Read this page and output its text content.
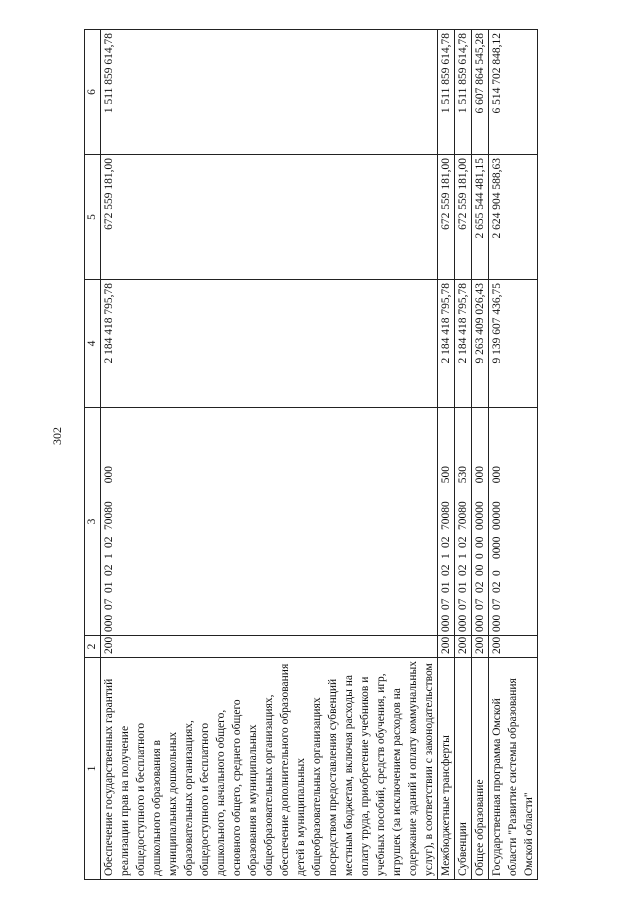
302
1	2	3	4	5	6
Обеспечение государственных гарантий реализации прав на получение общедоступного и бесплатного дошкольного образования в муниципальных дошкольных образовательных организациях, общедоступного и бесплатного дошкольного, начального общего, основного общего, среднего общего образования в муниципальных общеобразовательных организациях, обеспечение дополнительного образования детей в муниципальных общеобразовательных организациях посредством предоставления субвенций местным бюджетам, включая расходы на оплату труда, приобретение учебников и учебных пособий, средств обучения, игр, игрушек (за исключением расходов на содержание зданий и оплату коммунальных услуг), в соответствии с законодательством	200	00007010210270080000	2 184 418 795,78	672 559 181,00	1 511 859 614,78
Межбюджетные трансферты	200	00007010210270080500	2 184 418 795,78	672 559 181,00	1 511 859 614,78
Субвенции	200	00007010210270080530	2 184 418 795,78	672 559 181,00	1 511 859 614,78
Общее образование	200	00007020000000000000	9 263 409 026,43	2 655 544 481,15	6 607 864 545,28
Государственная программа Омской области "Развитие системы образования Омской области"	200	00007020000000000000	9 139 607 436,75	2 624 904 588,63	6 514 702 848,12
